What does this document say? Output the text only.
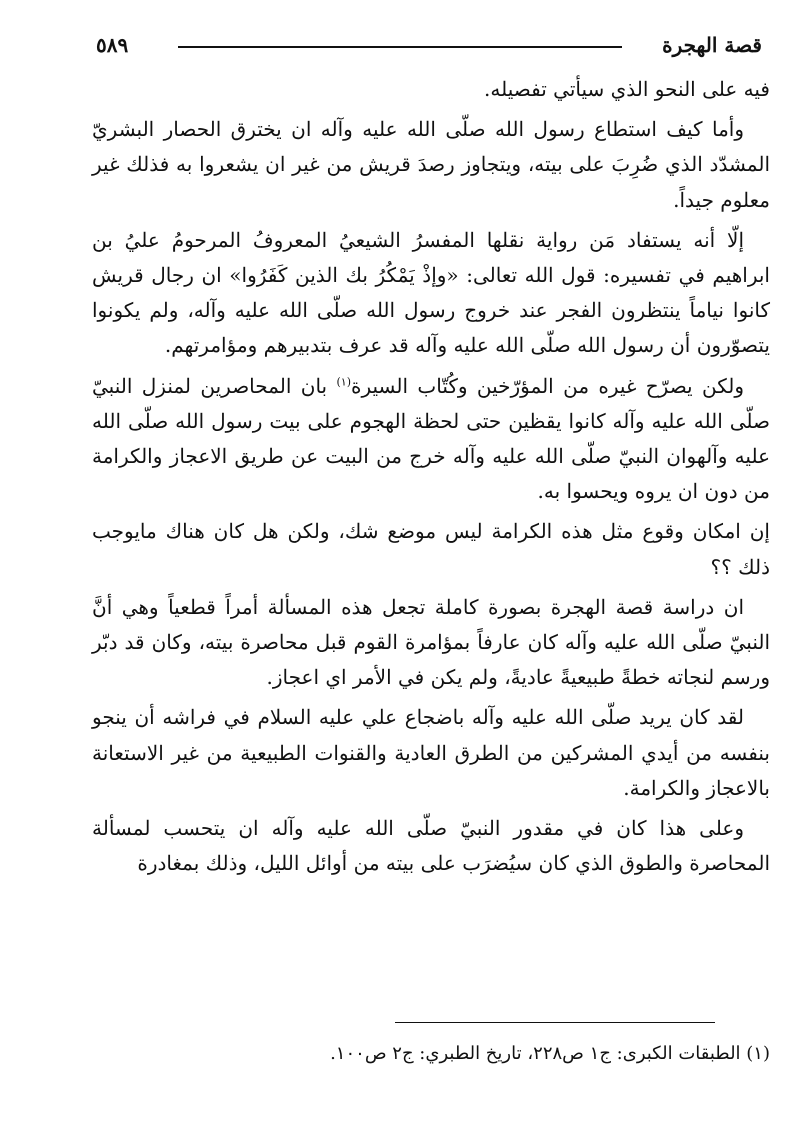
قصة الهجرة
٥٨٩

فيه على النحو الذي سيأتي تفصيله.

وأما كيف استطاع رسول الله صلّى الله عليه وآله ان يخترق الحصار البشريّ المشدّد الذي ضُرِبَ على بيته، ويتجاوز رصدَ قريش من غير ان يشعروا به فذلك غير معلوم جيداً.

إلّا أنه يستفاد مَن رواية نقلها المفسرُ الشيعيُ المعروفُ المرحومُ عليُ بن ابراهيم في تفسيره: قول الله تعالى: «وإذْ يَمْكُرُ بك الذين كَفَرُوا» ان رجال قريش كانوا نياماً ينتظرون الفجر عند خروج رسول الله صلّى الله عليه وآله، ولم يكونوا يتصوّرون أن رسول الله صلّى الله عليه وآله قد عرف بتدبيرهم ومؤامرتهم.

ولكن يصرّح غيره من المؤرّخين وكُتّاب السيرة$^{(١)}$ بان المحاصرين لمنزل النبيّ صلّى الله عليه وآله كانوا يقظين حتى لحظة الهجوم على بيت رسول الله صلّى الله عليه وآلهوان النبيّ صلّى الله عليه وآله خرج من البيت عن طريق الاعجاز والكرامة من دون ان يروه ويحسوا به.

إن امكان وقوع مثل هذه الكرامة ليس موضع شك، ولكن هل كان هناك مايوجب ذلك ؟؟

ان دراسة قصة الهجرة بصورة كاملة تجعل هذه المسألة أمراً قطعياً وهي أنَّ النبيّ صلّى الله عليه وآله كان عارفاً بمؤامرة القوم قبل محاصرة بيته، وكان قد دبّر ورسم لنجاته خطةً طبيعيةً عاديةً، ولم يكن في الأمر اي اعجاز.

لقد كان يريد صلّى الله عليه وآله باضجاع علي عليه السلام في فراشه أن ينجو بنفسه من أيدي المشركين من الطرق العادية والقنوات الطبيعية من غير الاستعانة بالاعجاز والكرامة.

وعلى هذا كان في مقدور النبيّ صلّى الله عليه وآله ان يتحسب لمسألة المحاصرة والطوق الذي كان سيُضرَب على بيته من أوائل الليل، وذلك بمغادرة

(١) الطبقات الكبرى: ج١ ص٢٢٨، تاريخ الطبري: ج٢ ص١٠٠.
